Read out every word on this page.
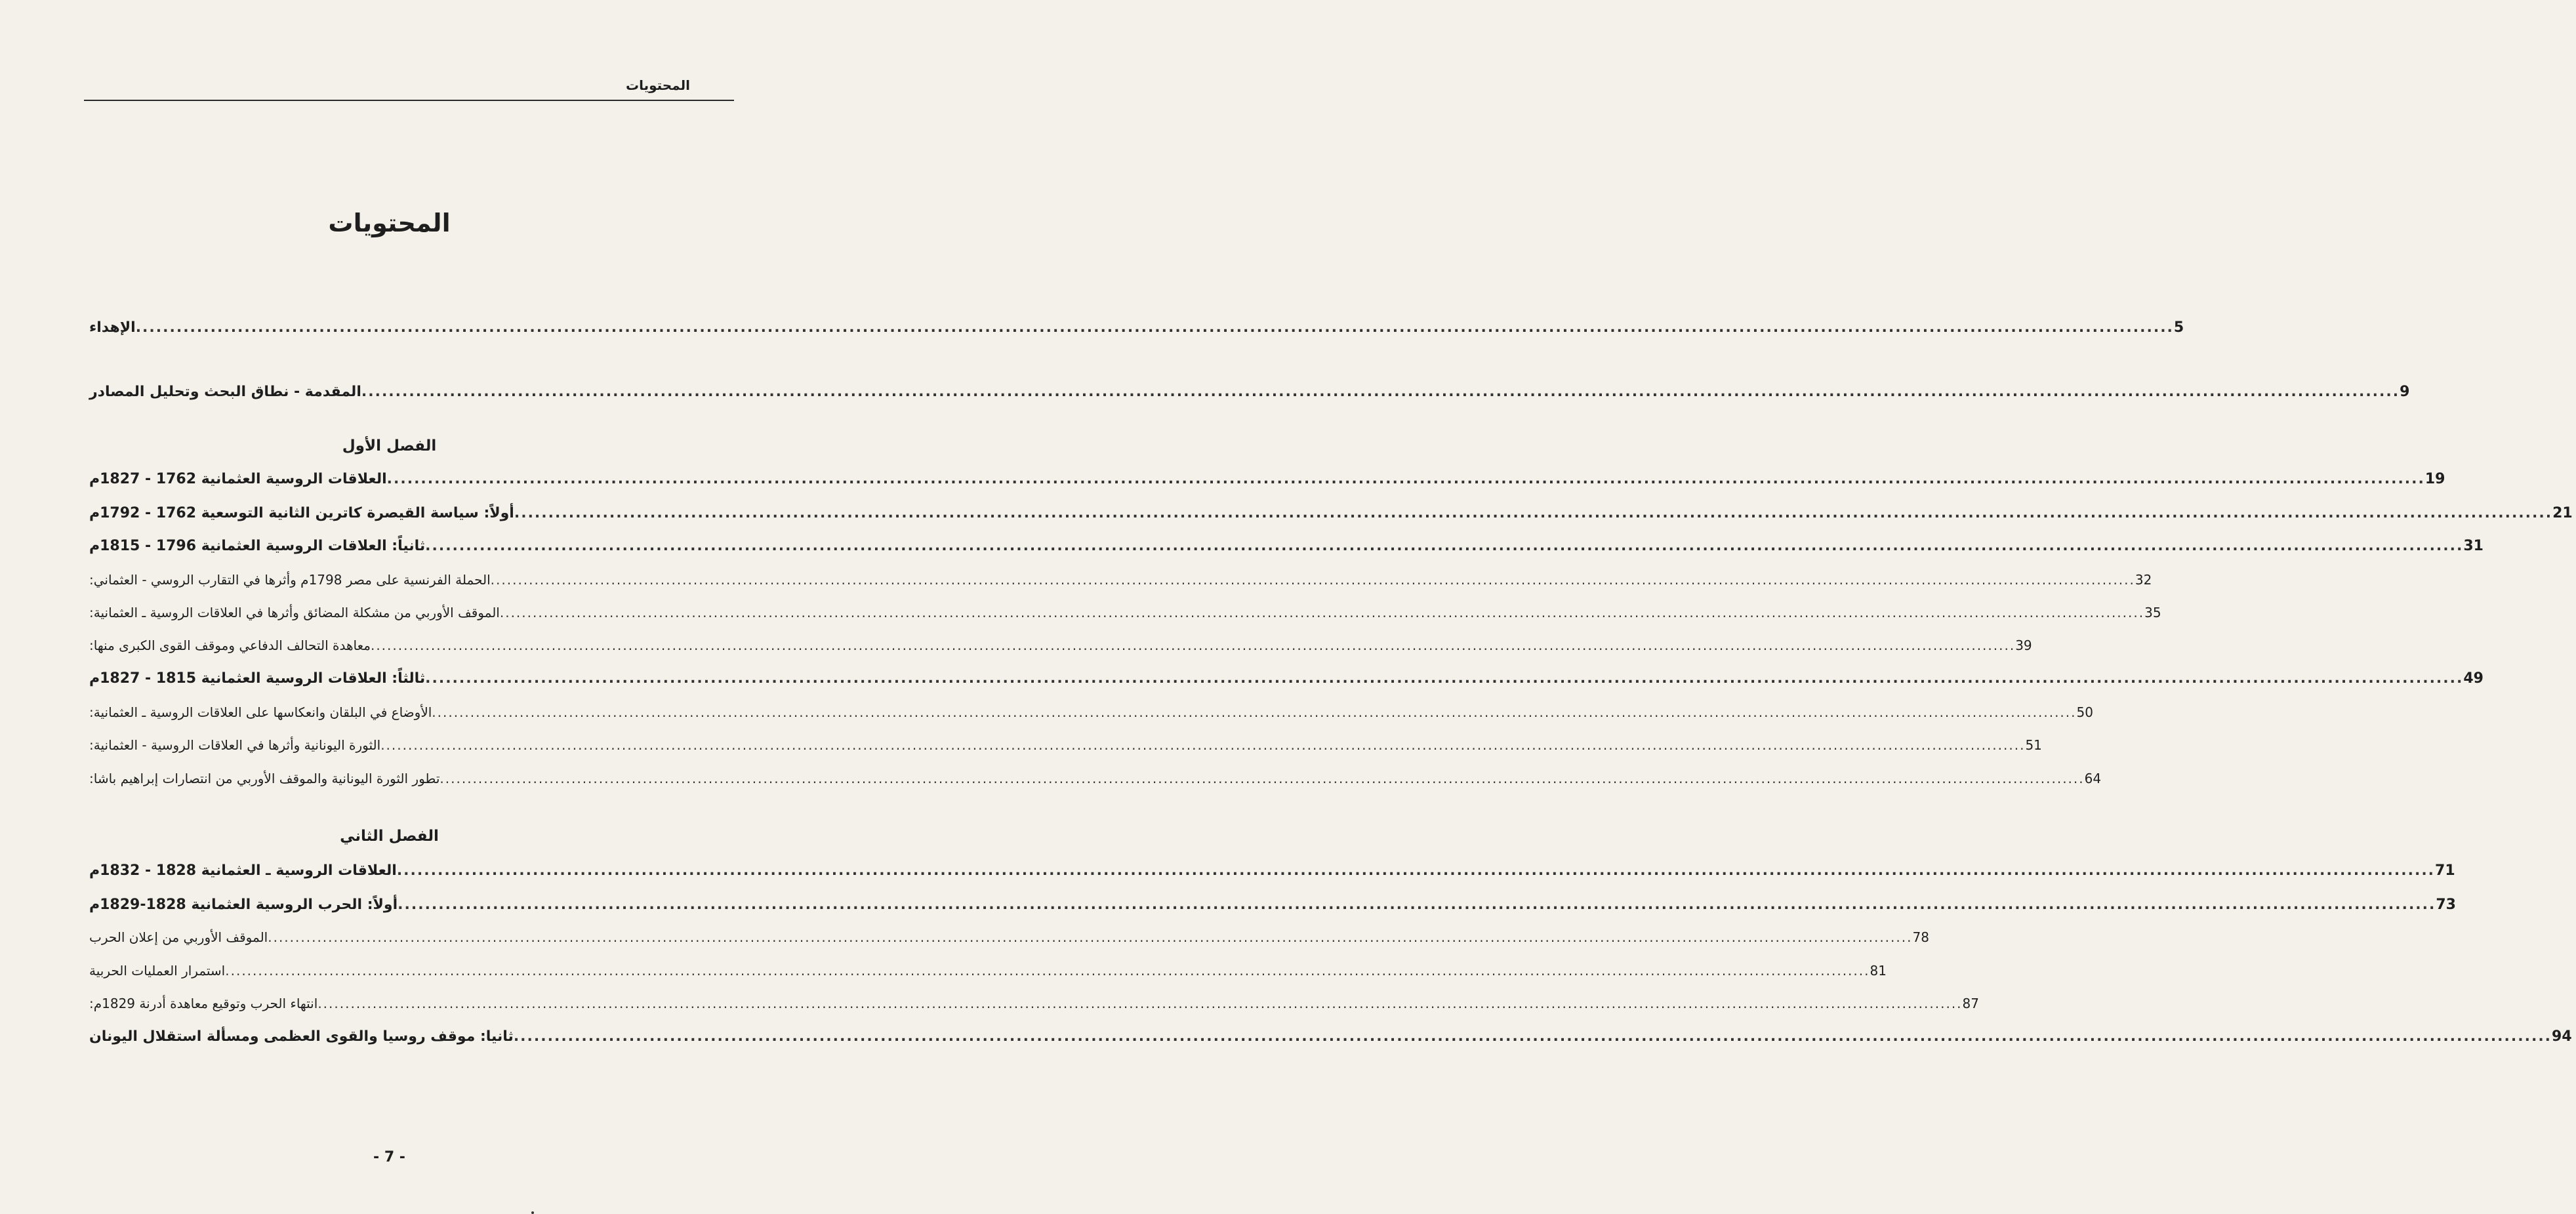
المحتويات
المحتويات
الإهداء ............................................................................................................................................................................................................................................................................................................ 5
المقدمة - نطاق البحث وتحليل المصادر ............................................................................................................................................................................................................................................................................................................ 9
الفصل الأول
العلاقات الروسية العثمانية 1762 - 1827م ............................................................................................................................................................................................................................................................................................................ 19
أولاً: سياسة القيصرة كاترين الثانية التوسعية 1762 - 1792م ............................................................................................................................................................................................................................................................................................................ 21
ثانياً: العلاقات الروسية العثمانية 1796 - 1815م ............................................................................................................................................................................................................................................................................................................ 31
الحملة الفرنسية على مصر 1798م وأثرها في التقارب الروسي - العثماني: ............................................................................................................................................................................................................................................................................................................ 32
الموقف الأوربي من مشكلة المضائق وأثرها في العلاقات الروسية ـ العثمانية: ............................................................................................................................................................................................................................................................................................................ 35
معاهدة التحالف الدفاعي وموقف القوى الكبرى منها: ............................................................................................................................................................................................................................................................................................................ 39
ثالثاً: العلاقات الروسية العثمانية 1815 - 1827م ............................................................................................................................................................................................................................................................................................................ 49
الأوضاع في البلقان وانعكاسها على العلاقات الروسية ـ العثمانية: ............................................................................................................................................................................................................................................................................................................ 50
الثورة اليونانية وأثرها في العلاقات الروسية - العثمانية: ............................................................................................................................................................................................................................................................................................................ 51
تطور الثورة اليونانية والموقف الأوربي من انتصارات إبراهيم باشا: ............................................................................................................................................................................................................................................................................................................ 64
الفصل الثاني
العلاقات الروسية ـ العثمانية 1828 - 1832م ............................................................................................................................................................................................................................................................................................................ 71
أولاً: الحرب الروسية العثمانية 1828-1829م ............................................................................................................................................................................................................................................................................................................ 73
الموقف الأوربي من إعلان الحرب ............................................................................................................................................................................................................................................................................................................ 78
استمرار العمليات الحربية ............................................................................................................................................................................................................................................................................................................ 81
انتهاء الحرب وتوقيع معاهدة أدرنة 1829م: ............................................................................................................................................................................................................................................................................................................ 87
ثانيا: موقف روسيا والقوى العظمى ومسألة استقلال اليونان ............................................................................................................................................................................................................................................................................................................ 94
- 7 -
